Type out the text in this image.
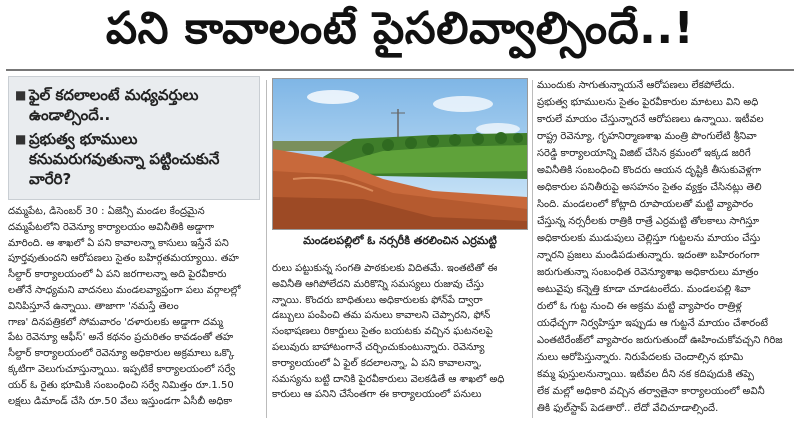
పని కావాలంటే పైసలివ్వాల్సిందే..!
■ ఫైల్ కదలాలంటే మధ్యవర్తులు ఉండాల్సిందే..
■ ప్రభుత్వ భూములు కనుమరుగవుతున్నా పట్టించుకునే వారేరి?
మండలపల్లిలో ఓ నర్సరీకి తరలించిన ఎర్రమట్టి
దమ్మపేట, డిసెంబర్ 30 : ఏజెన్సీ మండల కేంద్రమైన
దమ్మపేటలోని రెవెన్యూ కార్యాలయం అవినీతికి అడ్డాగా
మారింది. ఆ శాఖలో ఏ పని కావాలన్నా కాసులు ఇస్తేనే పని
పూర్తవుతుందని ఆరోపణలు సైతం బహిర్గతమయ్యాయి. తహ
సీల్దార్ కార్యాలయంలో ఏ పని జరగాలన్నా అది పైరవీకారు
లతోనే సాధ్యమని వాదనలు మండలవ్యాప్తంగా పలు వర్గాలల్లో
వినిపిస్తూనే ఉన్నాయి. తాజాగా 'నమస్తే తెలం
గాణ' దినపత్రికలో సోమవారం 'దళారులకు అడ్డాగా దమ్మ
పేట రెవెన్యూ ఆఫీస్' అనే కథనం ప్రచురితం కావడంతో తహ
సీల్దార్ కార్యాలయంలో రెవెన్యూ అధికారుల అక్రమాలు ఒక్కొ
క్కటిగా వెలుగుచూస్తున్నాయి. ఇప్పటికే కార్యాలయంలో సర్వే
యర్ ఓ రైతు భూమికి సంబంధించి సర్వే నిమిత్తం రూ.1.50
లక్షలు డిమాండ్ చేసి రూ.50 వేలు ఇస్తుండగా ఏసీబీ అధికా
రులు పట్టుకున్న సంగతి పాఠకులకు విదితమే. ఇంతటితో ఈ
అవినీతి ఆగిపోలేదని మరికొన్ని సమస్యలు రుజువు చేస్తు
న్నాయి. కొందరు బాధితులు అధికారులకు ఫోన్‌పే ద్వారా
డబ్బులు పంపించి తమ పనులు కావాలని చెప్పారని, ఫోన్
సంభాషణలు రికార్డులు సైతం బయటకు వచ్చిన ఘటనలపై
పలువురు బాహాటంగానే చర్చించుకుంటున్నారు. రెవెన్యూ
కార్యాలయంలో ఏ ఫైల్ కదలాలన్నా, ఏ పని కావాలన్నా,
సమస్యను బట్టి దానికి పైరవీకారులు వెలకడితే ఆ శాఖలో అధి
కారులు ఆ పనిని చేసేంతగా ఈ కార్యాలయంలో పనులు
ముందుకు సాగుతున్నాయనే ఆరోపణలు లేకపోలేదు.
ప్రభుత్వ భూములను సైతం పైరవీకారుల మాటలు విని అధి
కారులే మాయం చేస్తున్నారనే ఆరోపణలు ఉన్నాయి. ఇటీవల
రాష్ట్ర రెవెన్యూ, గృహనిర్మాణశాఖ మంత్రి పొంగులేటి శ్రీనివా
సరెడ్డి కార్యాలయాన్ని విజిట్ చేసిన క్రమంలో ఇక్కడ జరిగే
అవినీతికి సంబంధించి కొందరు ఆయన దృష్టికి తీసుకువెళ్లగా
అధికారుల పనితీరుపై అసహనం సైతం వ్యక్తం చేసినట్లు తెలి
సింది. మండలంలో కోట్లాది రూపాయలతో మట్టి వ్యాపారం
చేస్తున్న నర్సరీలకు రాత్రికి రాత్రే ఎర్రమట్టి తోలకాలు సాగిస్తూ
అధికారులకు ముడుపులు చెల్లిస్తూ గుట్టలను మాయం చేస్తు
న్నారని ప్రజలు మండిపడుతున్నారు. ఇదంతా బహిరంగంగా
జరుగుతున్నా సంబంధిత రెవెన్యూశాఖ అధికారులు మాత్రం
అటువైపు కన్నెత్తి కూడా చూడటంలేదు. మండలపల్లి శివా
రులో ఓ గుట్ట నుంచి ఈ అక్రమ మట్టి వ్యాపారం రాత్రిళ్ల
యధేచ్ఛగా నిర్వహిస్తూ ఇప్పుడు ఆ గుట్టనే మాయం చేశారంటే
ఎంతటిరేంజ్‌లో వ్యాపారం జరుగుతుందో ఊహించుకోవచ్చని గిరిజ
నులు ఆరోపిస్తున్నారు. నిరుపేదలకు చెందాల్సిన భూమి
కమ్మ ఫుస్తులనున్నాయి. ఇటీవల దీని నక కదిపుదుకి తప్పె
లేక మల్లో అధికారి వచ్చిన తర్వాతైనా కార్యాలయంలో అవినీ
తికి ఫుల్‌స్టాప్ పెడతారో.. లేదో వేచిచూడాల్సిందే.
